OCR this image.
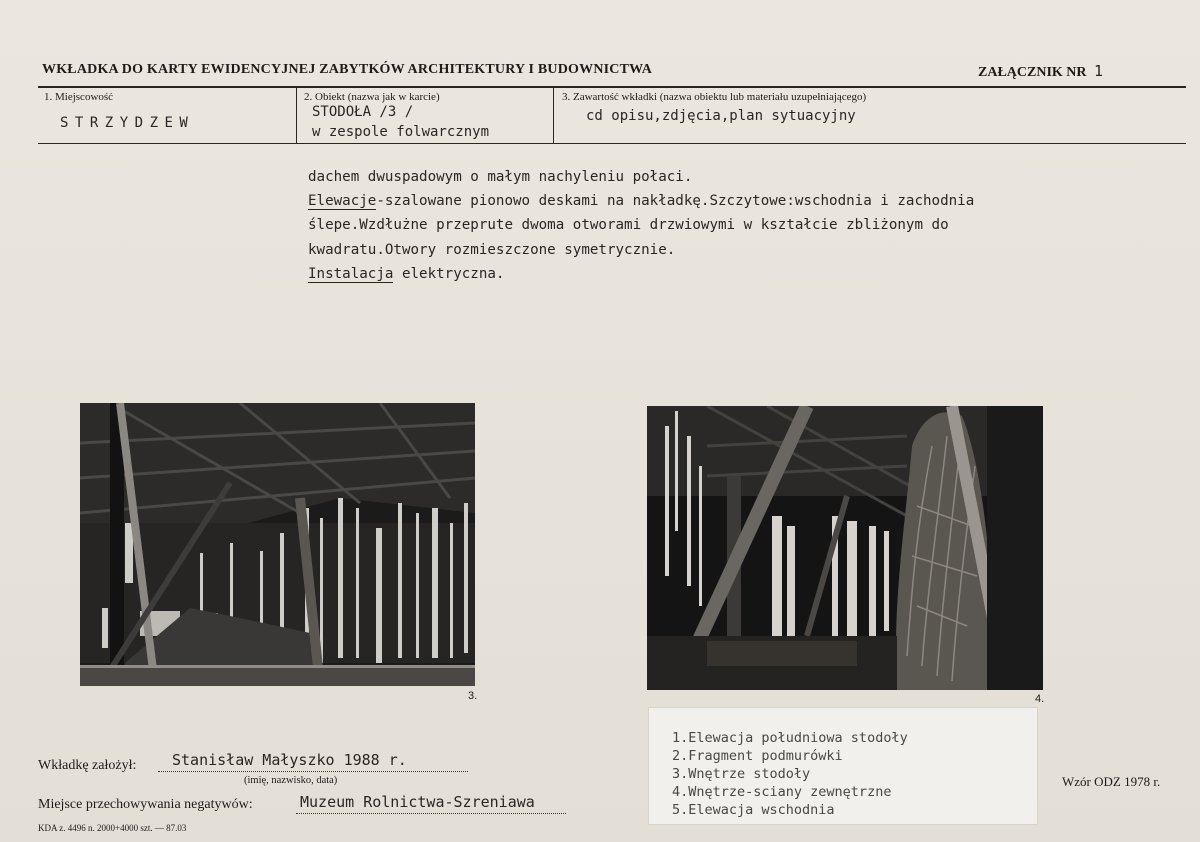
WKŁADKA DO KARTY EWIDENCYJNEJ ZABYTKÓW ARCHITEKTURY I BUDOWNICTWA	ZAŁĄCZNIK NR 1
1. Miejscowość
STRZYDZEW
2. Obiekt (nazwa jak w karcie)
STODOŁA /3 /
w zespole folwarcznym
3. Zawartość wkładki (nazwa obiektu lub materiału uzupełniającego)
cd opisu,zdjęcia,plan sytuacyjny
dachem dwuspadowym o małym nachyleniu połaci.
Elewacje-szalowane pionowo deskami na nakładkę.Szczytowe:wschodnia i zachodnia
ślepe.Wzdłużne przeprute dwoma otworami drzwiowymi w kształcie zbliżonym do
kwadratu.Otwory rozmieszczone symetrycznie.
Instalacja elektryczna.
3.	4.
1.Elewacja południowa stodoły
2.Fragment podmurówki
3.Wnętrze stodoły
4.Wnętrze-sciany zewnętrzne
5.Elewacja wschodnia
Wkładkę założył: Stanisław Małyszko 1988 r.
(imię, nazwisko, data)
Miejsce przechowywania negatywów:	Muzeum Rolnictwa-Szreniawa
KDA z. 4496 n. 2000+4000 szt. — 87.03
Wzór ODZ 1978 r.
